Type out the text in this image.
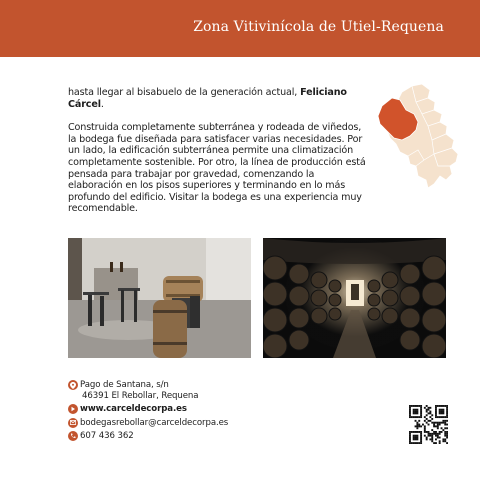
Zona Vitivinícola de Utiel-Requena

hasta llegar al bisabuelo de la generación actual, Feliciano Cárcel.

Construida completamente subterránea y rodeada de viñedos, la bodega fue diseñada para satisfacer varias necesidades. Por un lado, la edificación subterránea permite una climatización completamente sostenible. Por otro, la línea de producción está pensada para trabajar por gravedad, comenzando la elaboración en los pisos superiores y terminando en lo más profundo del edificio. Visitar la bodega es una experiencia muy recomendable.

Pago de Santana, s/n
46391 El Rebollar, Requena
www.carceldecorpa.es
bodegasrebollar@carceldecorpa.es
607 436 362
